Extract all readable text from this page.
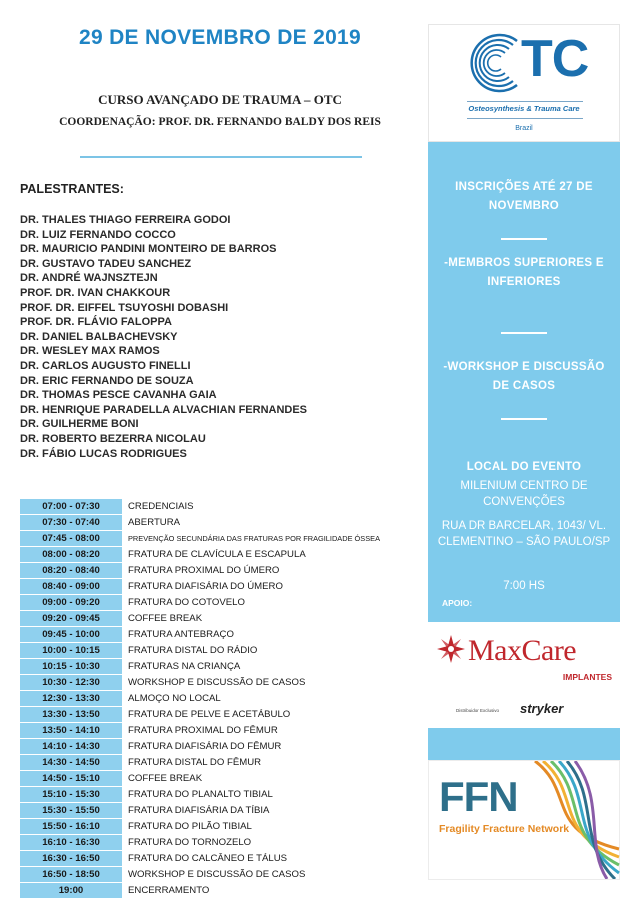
29 DE NOVEMBRO DE 2019
CURSO AVANÇADO DE TRAUMA – OTC
COORDENAÇÃO: PROF. DR. FERNANDO BALDY DOS REIS
PALESTRANTES:
DR. THALES THIAGO FERREIRA GODOI
DR. LUIZ FERNANDO COCCO
DR. MAURICIO PANDINI MONTEIRO DE BARROS
DR. GUSTAVO TADEU SANCHEZ
DR. ANDRÉ WAJNSZTEJN
PROF. DR. IVAN CHAKKOUR
PROF. DR. EIFFEL TSUYOSHI DOBASHI
PROF. DR. FLÁVIO FALOPPA
DR. DANIEL BALBACHEVSKY
DR. WESLEY MAX RAMOS
DR. CARLOS AUGUSTO FINELLI
DR. ERIC FERNANDO DE SOUZA
DR. THOMAS PESCE CAVANHA GAIA
DR. HENRIQUE PARADELLA ALVACHIAN FERNANDES
DR. GUILHERME BONI
DR. ROBERTO BEZERRA NICOLAU
DR. FÁBIO LUCAS RODRIGUES
07:00 - 07:30	CREDENCIAIS
07:30 - 07:40	ABERTURA
07:45 - 08:00	PREVENÇÃO SECUNDÁRIA DAS FRATURAS POR FRAGILIDADE ÓSSEA
08:00 - 08:20	FRATURA DE CLAVÍCULA E ESCAPULA
08:20 - 08:40	FRATURA PROXIMAL DO ÚMERO
08:40 - 09:00	FRATURA DIAFISÁRIA DO ÚMERO
09:00 - 09:20	FRATURA DO COTOVELO
09:20 - 09:45	COFFEE BREAK
09:45 - 10:00	FRATURA ANTEBRAÇO
10:00 - 10:15	FRATURA DISTAL DO RÁDIO
10:15 - 10:30	FRATURAS NA CRIANÇA
10:30 - 12:30	WORKSHOP E DISCUSSÃO DE CASOS
12:30 - 13:30	ALMOÇO NO LOCAL
13:30 - 13:50	FRATURA DE PELVE E ACETÁBULO
13:50 - 14:10	FRATURA PROXIMAL DO FÊMUR
14:10 - 14:30	FRATURA DIAFISÁRIA DO FÊMUR
14:30 - 14:50	FRATURA DISTAL DO FÊMUR
14:50 - 15:10	COFFEE BREAK
15:10 - 15:30	FRATURA DO PLANALTO TIBIAL
15:30 - 15:50	FRATURA DIAFISÁRIA DA TÍBIA
15:50 - 16:10	FRATURA DO PILÃO TIBIAL
16:10 - 16:30	FRATURA DO TORNOZELO
16:30 - 16:50	FRATURA DO CALCÂNEO E TÁLUS
16:50 - 18:50	WORKSHOP E DISCUSSÃO DE CASOS
19:00	ENCERRAMENTO
TC
Osteosynthesis & Trauma Care
Brazil
INSCRIÇÕES ATÉ 27 DE NOVEMBRO
-MEMBROS SUPERIORES E INFERIORES
-WORKSHOP E DISCUSSÃO DE CASOS
LOCAL DO EVENTO
MILENIUM CENTRO DE CONVENÇÕES
RUA DR BARCELAR, 1043/ VL. CLEMENTINO – SÃO PAULO/SP
7:00 HS
APOIO:
MaxCare
IMPLANTES
Distribuidor Exclusivo stryker
FFN
Fragility Fracture Network
